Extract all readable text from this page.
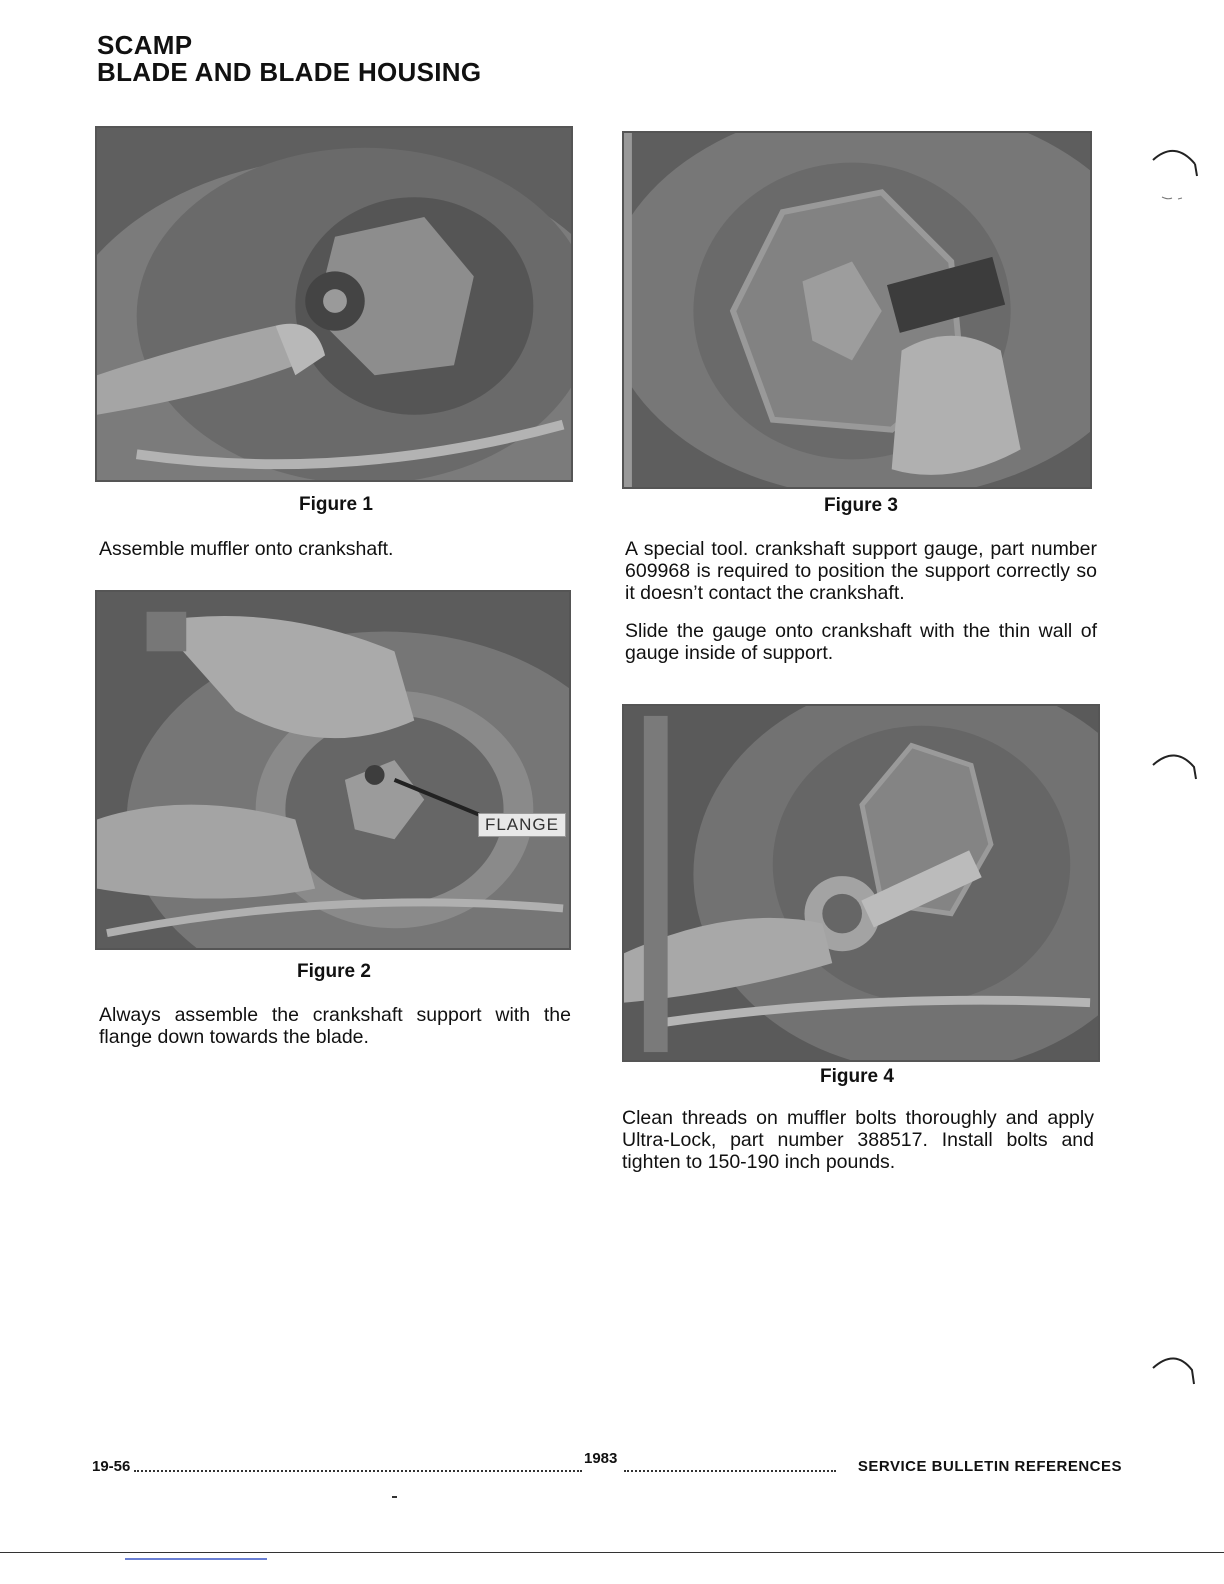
SCAMP
BLADE AND BLADE HOUSING
Figure 1

Assemble muffler onto crankshaft.

FLANGE
Figure 2

Always assemble the crankshaft support with the flange down towards the blade.

Figure 3

A special tool. crankshaft support gauge, part number 609968 is required to position the support correctly so it doesn’t contact the crankshaft.

Slide the gauge onto crankshaft with the thin wall of gauge inside of support.

Figure 4

Clean threads on muffler bolts thoroughly and apply Ultra-Lock, part number 388517. Install bolts and tighten to 150-190 inch pounds.

19-56	1983	SERVICE BULLETIN REFERENCES
